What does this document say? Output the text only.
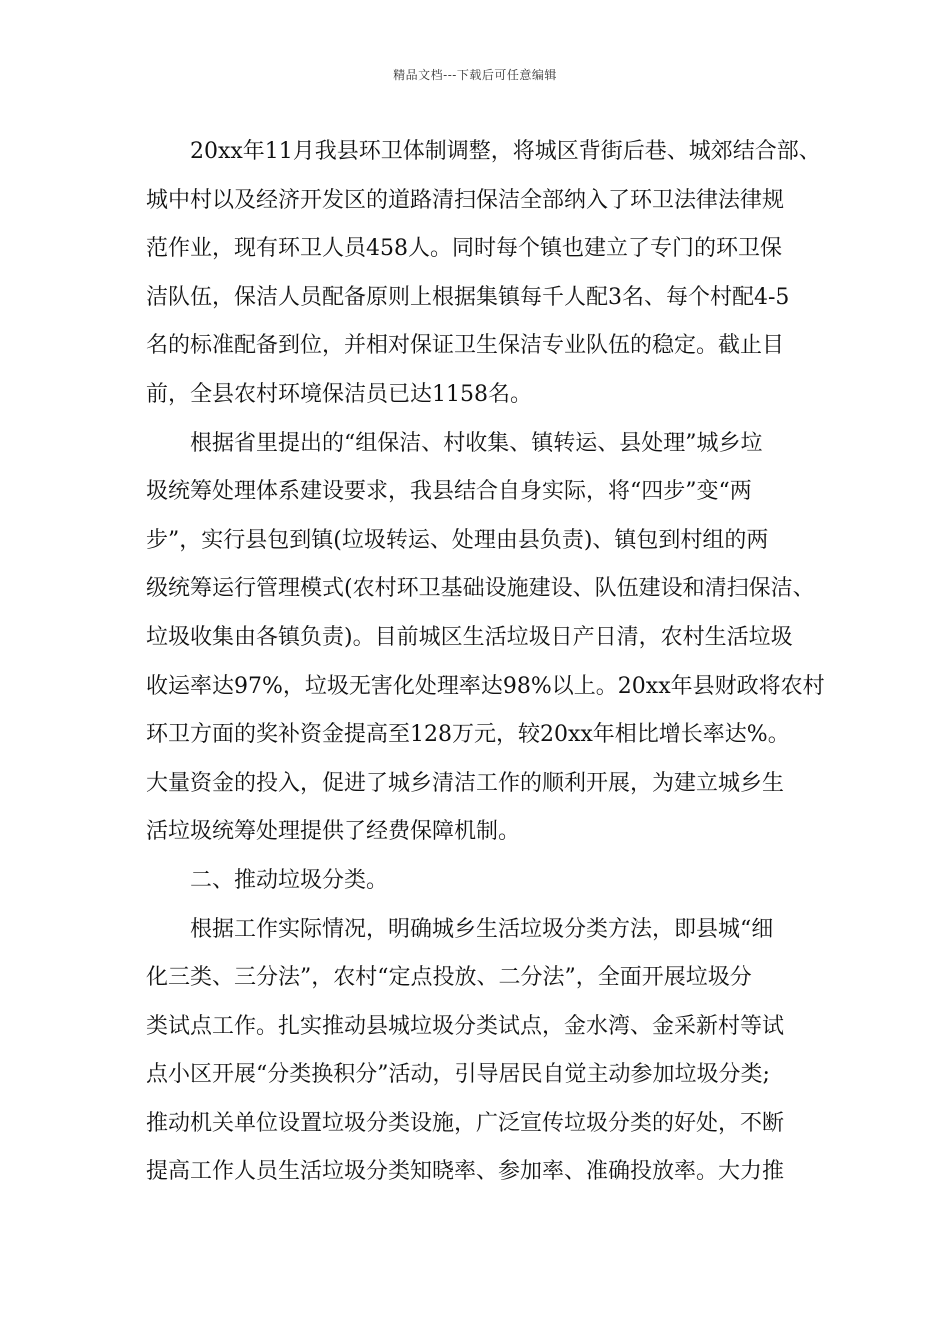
精品文档---下载后可任意编辑
20xx年11月我县环卫体制调整，将城区背街后巷、城郊结合部、
城中村以及经济开发区的道路清扫保洁全部纳入了环卫法律法律规
范作业，现有环卫人员458人。同时每个镇也建立了专门的环卫保
洁队伍，保洁人员配备原则上根据集镇每千人配3名、每个村配4-5
名的标准配备到位，并相对保证卫生保洁专业队伍的稳定。截止目
前，全县农村环境保洁员已达1158名。
根据省里提出的“组保洁、村收集、镇转运、县处理”城乡垃
圾统筹处理体系建设要求，我县结合自身实际，将“四步”变“两
步”，实行县包到镇(垃圾转运、处理由县负责)、镇包到村组的两
级统筹运行管理模式(农村环卫基础设施建设、队伍建设和清扫保洁、
垃圾收集由各镇负责)。目前城区生活垃圾日产日清，农村生活垃圾
收运率达97%，垃圾无害化处理率达98%以上。20xx年县财政将农村
环卫方面的奖补资金提高至128万元，较20xx年相比增长率达%。
大量资金的投入，促进了城乡清洁工作的顺利开展，为建立城乡生
活垃圾统筹处理提供了经费保障机制。
二、推动垃圾分类。
根据工作实际情况，明确城乡生活垃圾分类方法，即县城“细
化三类、三分法”，农村“定点投放、二分法”，全面开展垃圾分
类试点工作。扎实推动县城垃圾分类试点，金水湾、金采新村等试
点小区开展“分类换积分”活动，引导居民自觉主动参加垃圾分类;
推动机关单位设置垃圾分类设施，广泛宣传垃圾分类的好处，不断
提高工作人员生活垃圾分类知晓率、参加率、准确投放率。大力推
